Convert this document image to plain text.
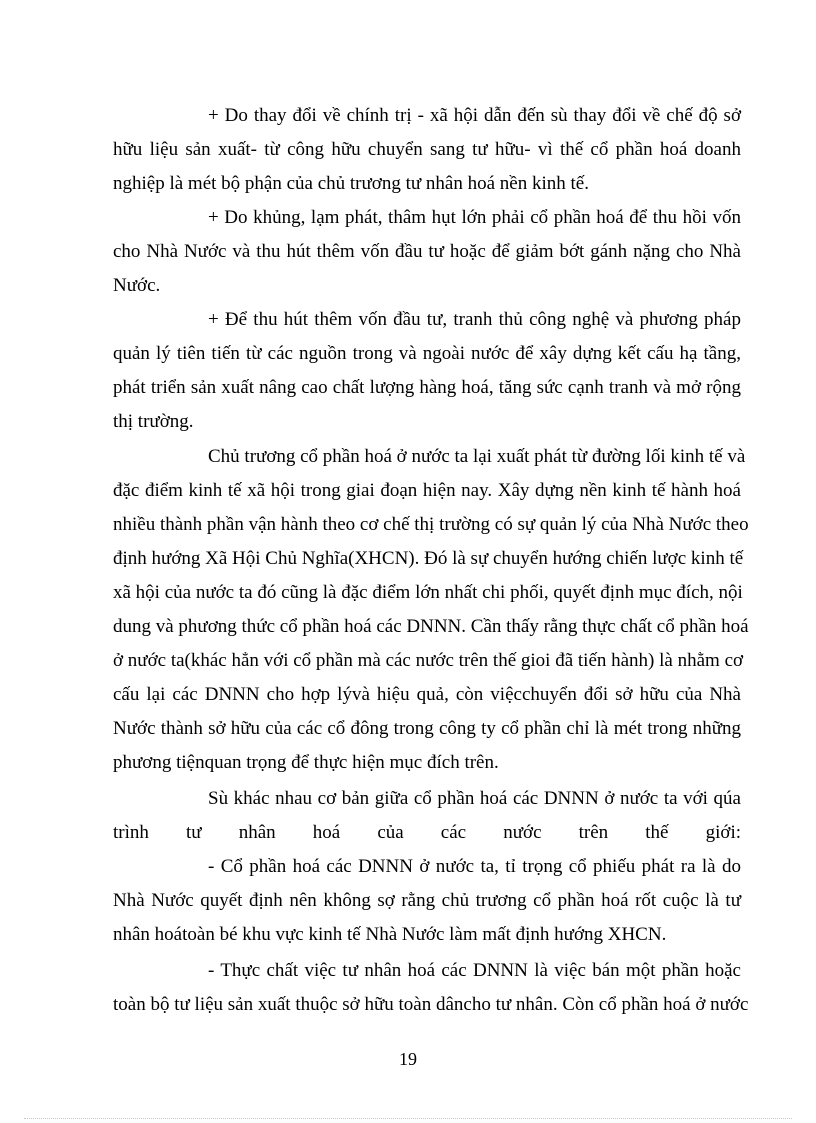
+ Do thay đổi về chính trị - xã hội dẫn đến sù thay đổi về chế độ sở
hữu liệu sản xuất- từ công hữu chuyển sang tư hữu- vì thế cổ phần hoá doanh
nghiệp là mét bộ phận của chủ trương tư nhân hoá nền kinh tế.
+ Do khủng, lạm phát, thâm hụt lớn phải cổ phần hoá để thu hồi vốn
cho Nhà Nước và thu hút thêm vốn đầu tư hoặc để giảm bớt gánh nặng cho Nhà
Nước.
+ Để thu hút thêm vốn đầu tư, tranh thủ công nghệ và phương pháp
quản lý tiên tiến từ các nguồn trong và ngoài nước để xây dựng kết cấu hạ tầng,
phát triển sản xuất nâng cao chất lượng hàng hoá, tăng sức cạnh tranh và mở rộng
thị trường.
Chủ trương cổ phần hoá ở nước ta lại xuất phát từ đường lối kinh tế và
đặc điểm kinh tế xã hội trong giai đoạn hiện nay. Xây dựng nền kinh tế hành hoá
nhiều thành phần vận hành theo cơ chế thị trường có sự quản lý của Nhà Nước theo
định hướng Xã Hội Chủ Nghĩa(XHCN). Đó là sự chuyển hướng chiến lược kinh tế
xã hội của nước ta đó cũng là đặc điểm lớn nhất chi phối, quyết định mục đích, nội
dung và phương thức cổ phần hoá các DNNN. Cần thấy rằng thực chất cổ phần hoá
ở nước ta(khác hẳn với cổ phần mà các nước trên thế gioi đã tiến hành) là nhằm cơ
cấu lại các DNNN cho hợp lývà hiệu quả, còn việcchuyển đổi sở hữu của Nhà
Nước thành sở hữu của các cổ đông trong công ty cổ phần chỉ là mét trong những
phương tiệnquan trọng để thực hiện mục đích trên.
Sù khác nhau cơ bản giữa cổ phần hoá các DNNN ở nước ta với qúa
trình tư nhân hoá của các nước trên thế giới:
- Cổ phần hoá các DNNN ở nước ta, tỉ trọng cổ phiếu phát ra là do
Nhà Nước quyết định nên không sợ rằng chủ trương cổ phần hoá rốt cuộc là tư
nhân hoátoàn bé khu vực kinh tế Nhà Nước làm mất định hướng XHCN.
- Thực chất việc tư nhân hoá các DNNN là việc bán một phần hoặc
toàn bộ tư liệu sản xuất thuộc sở hữu toàn dâncho tư nhân. Còn cổ phần hoá ở nước
19
